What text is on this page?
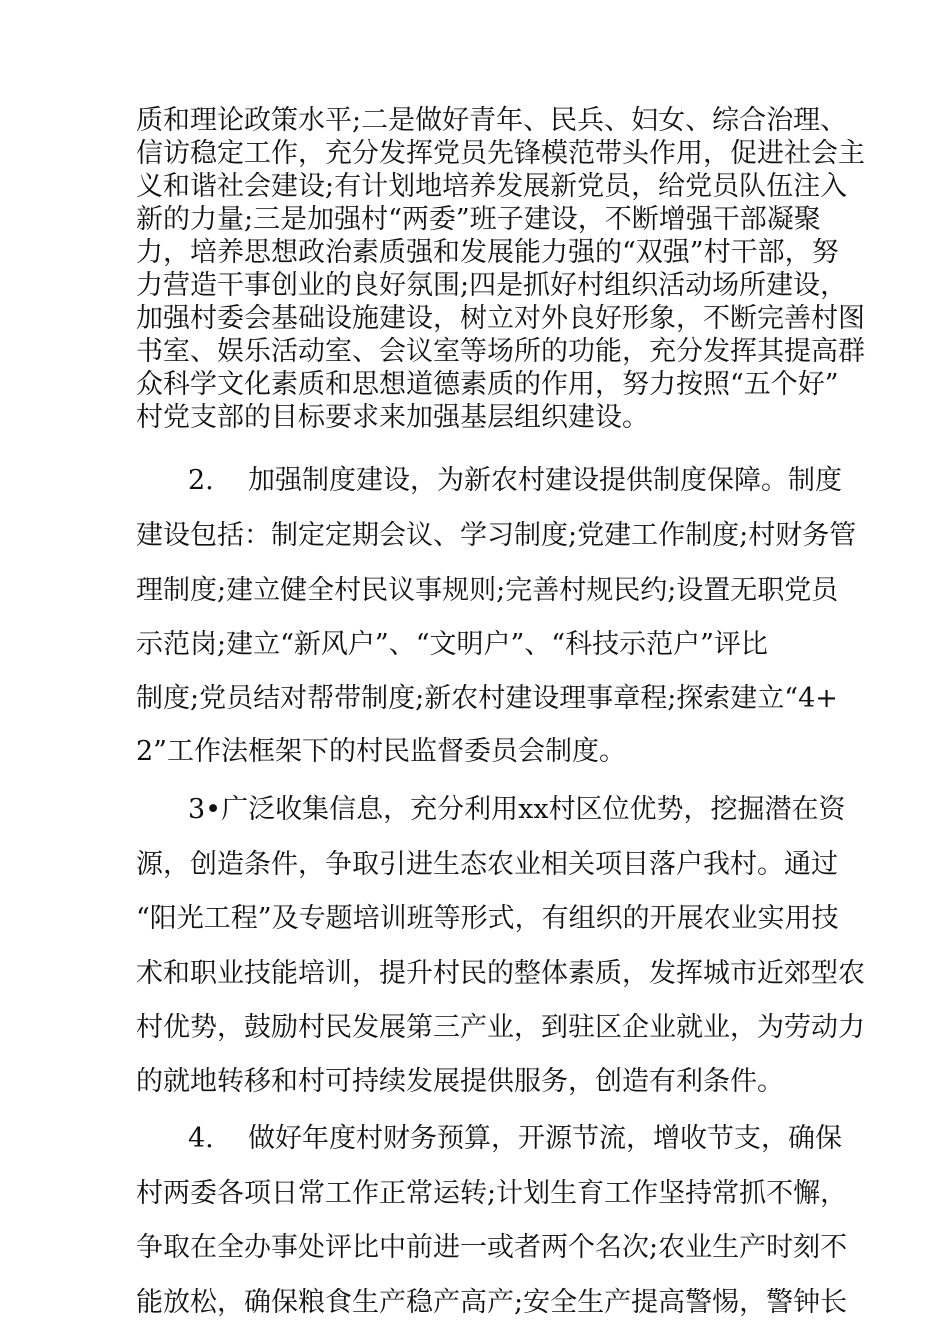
质和理论政策水平;二是做好青年、民兵、妇女、综合治理、
信访稳定工作，充分发挥党员先锋模范带头作用，促进社会主
义和谐社会建设;有计划地培养发展新党员，给党员队伍注入
新的力量;三是加强村“两委”班子建设，不断增强干部凝聚
力，培养思想政治素质强和发展能力强的“双强”村干部，努
力营造干事创业的良好氛围;四是抓好村组织活动场所建设，
加强村委会基础设施建设，树立对外良好形象，不断完善村图
书室、娱乐活动室、会议室等场所的功能，充分发挥其提高群
众科学文化素质和思想道德素质的作用，努力按照“五个好”
村党支部的目标要求来加强基层组织建设。
2. 加强制度建设，为新农村建设提供制度保障。制度
建设包括：制定定期会议、学习制度;党建工作制度;村财务管
理制度;建立健全村民议事规则;完善村规民约;设置无职党员
示范岗;建立“新风户”、“文明户”、“科技示范户”评比
制度;党员结对帮带制度;新农村建设理事章程;探索建立“4+
2”工作法框架下的村民监督委员会制度。
3•广泛收集信息，充分利用xx村区位优势，挖掘潜在资
源，创造条件，争取引进生态农业相关项目落户我村。通过
“阳光工程”及专题培训班等形式，有组织的开展农业实用技
术和职业技能培训，提升村民的整体素质，发挥城市近郊型农
村优势，鼓励村民发展第三产业，到驻区企业就业，为劳动力
的就地转移和村可持续发展提供服务，创造有利条件。
4. 做好年度村财务预算，开源节流，增收节支，确保
村两委各项日常工作正常运转;计划生育工作坚持常抓不懈，
争取在全办事处评比中前进一或者两个名次;农业生产时刻不
能放松，确保粮食生产稳产高产;安全生产提高警惕，警钟长
